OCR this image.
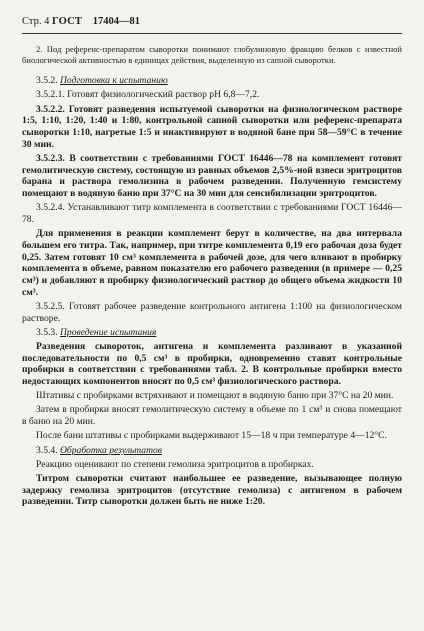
Стр. 4 ГОСТ 17404—81
2. Под референс-препаратом сыворотки понимают глобулиновую фракцию белков с известной биологической активностью в единицах действия, выделенную из сапной сыворотки.
3.5.2. Подготовка к испытанию
3.5.2.1. Готовят физиологический раствор pH 6,8—7,2.
3.5.2.2. Готовят разведения испытуемой сыворотки на физиологическом растворе 1:5, 1:10, 1:20, 1:40 и 1:80, контрольной сапной сыворотки или референс-препарата сыворотки 1:10, нагретые 1:5 и инактивируют в водяной бане при 58—59°С в течение 30 мин.
3.5.2.3. В соответствии с требованиями ГОСТ 16446—78 на комплемент готовят гемолитическую систему, состоящую из равных объемов 2,5%-ной взвеси эритроцитов барана и раствора гемолизина в рабочем разведении. Полученную гемсистему помещают в водяную баню при 37°С на 30 мин для сенсибилизации эритроцитов.
3.5.2.4. Устанавливают титр комплемента в соответствии с требованиями ГОСТ 16446—78.
Для применения в реакции комплемент берут в количестве, на два интервала большем его титра. Так, например, при титре комплемента 0,19 его рабочая доза будет 0,25. Затем готовят 10 см³ комплемента в рабочей дозе, для чего вливают в пробирку комплемента в объеме, равном показателю его рабочего разведения (в примере — 0,25 см³) и добавляют в пробирку физиологический раствор до общего объема жидкости 10 см³.
3.5.2.5. Готовят рабочее разведение контрольного антигена 1:100 на физиологическом растворе.
3.5.3. Проведение испытания
Разведения сывороток, антигена и комплемента разливают в указанной последовательности по 0,5 см³ в пробирки, одновременно ставят контрольные пробирки в соответствии с требованиями табл. 2. В контрольные пробирки вместо недостающих компонентов вносят по 0,5 см³ физиологического раствора.
Штативы с пробирками встряхивают и помещают в водяную баню при 37°С на 20 мин.
Затем в пробирки вносят гемолитическую систему в объеме по 1 см³ и снова помещают в баню на 20 мин.
После бани штативы с пробирками выдерживают 15—18 ч при температуре 4—12°С.
3.5.4. Обработка результатов
Реакцию оценивают по степени гемолиза эритроцитов в пробирках.
Титром сыворотки считают наибольшее ее разведение, вызывающее полную задержку гемолиза эритроцитов (отсутствие гемолиза) с антигеном в рабочем разведении. Титр сыворотки должен быть не ниже 1:20.
